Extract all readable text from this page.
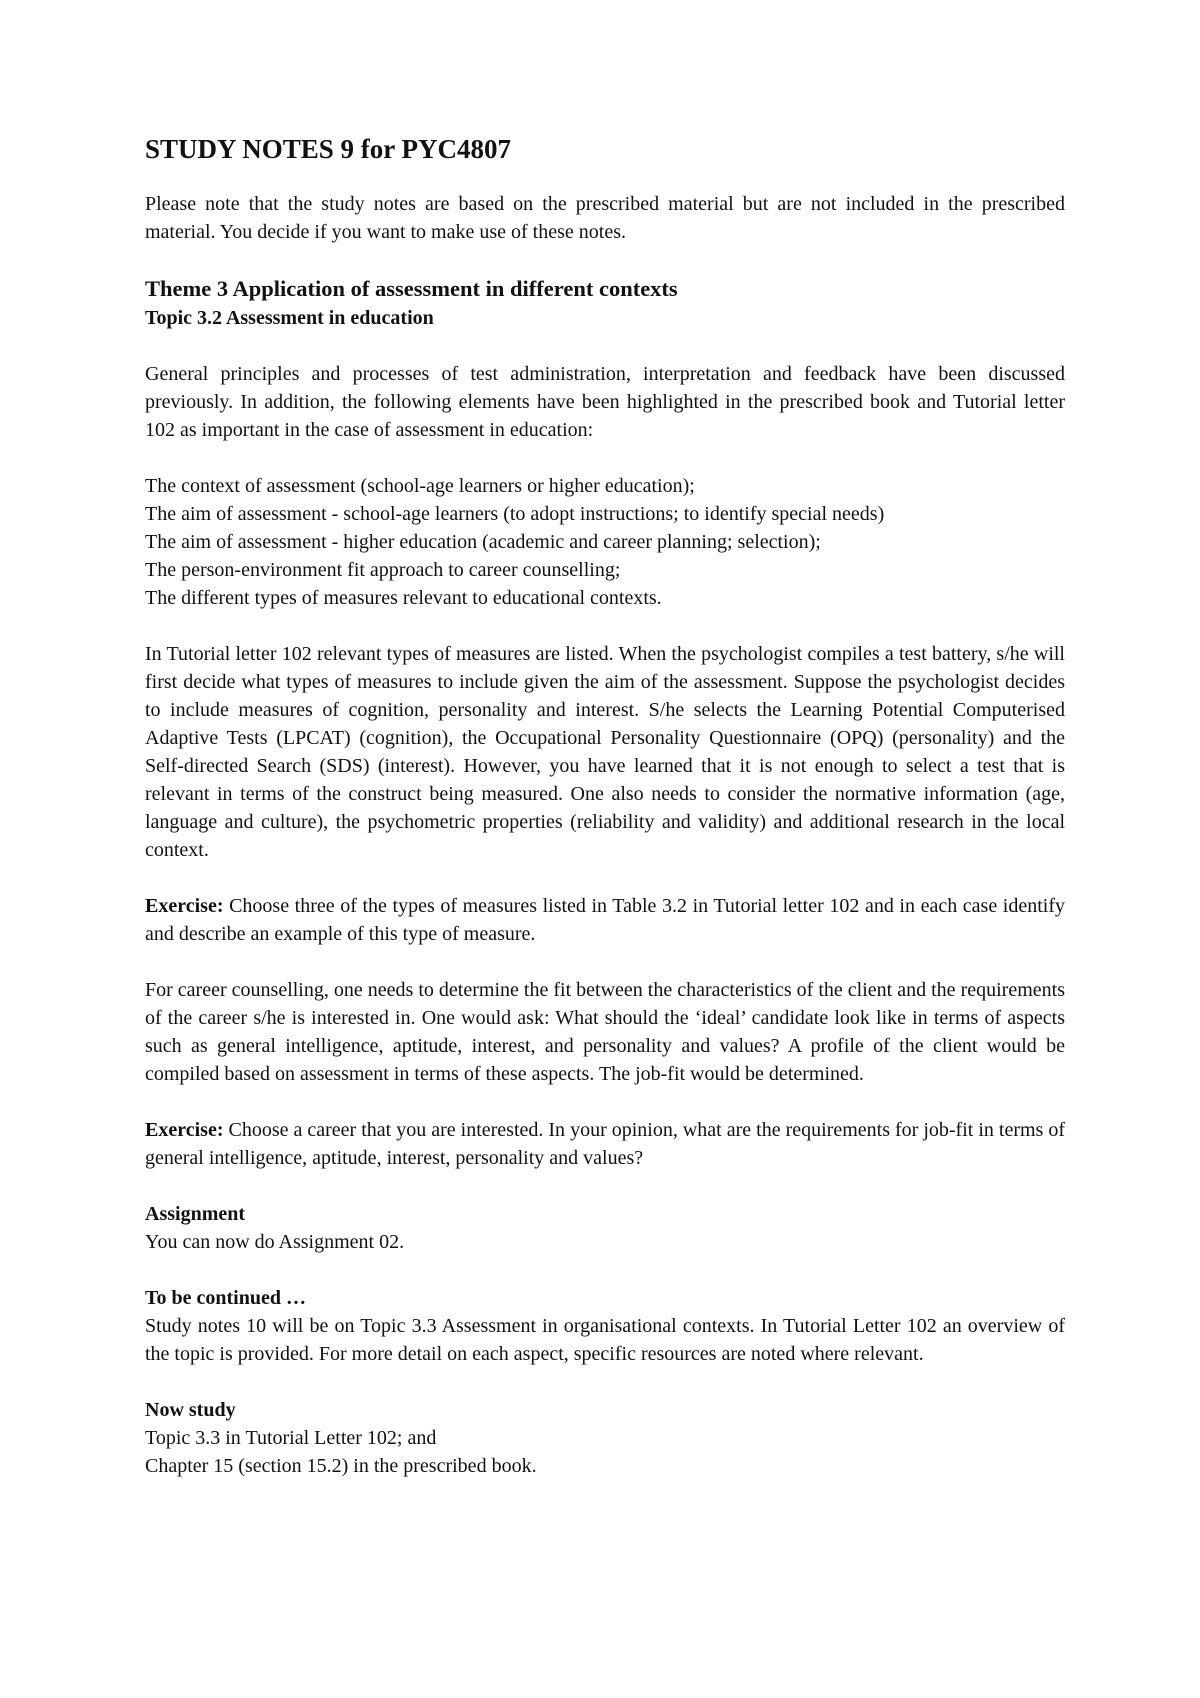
STUDY NOTES 9 for PYC4807

Please note that the study notes are based on the prescribed material but are not included in the prescribed material. You decide if you want to make use of these notes.

Theme 3 Application of assessment in different contexts
Topic 3.2 Assessment in education

General principles and processes of test administration, interpretation and feedback have been discussed previously. In addition, the following elements have been highlighted in the prescribed book and Tutorial letter 102 as important in the case of assessment in education:

The context of assessment (school-age learners or higher education);

The aim of assessment - school-age learners (to adopt instructions; to identify special needs)

The aim of assessment - higher education (academic and career planning; selection);

The person-environment fit approach to career counselling;

The different types of measures relevant to educational contexts.

In Tutorial letter 102 relevant types of measures are listed. When the psychologist compiles a test battery, s/he will first decide what types of measures to include given the aim of the assessment. Suppose the psychologist decides to include measures of cognition, personality and interest. S/he selects the Learning Potential Computerised Adaptive Tests (LPCAT) (cognition), the Occupational Personality Questionnaire (OPQ) (personality) and the Self-directed Search (SDS) (interest). However, you have learned that it is not enough to select a test that is relevant in terms of the construct being measured. One also needs to consider the normative information (age, language and culture), the psychometric properties (reliability and validity) and additional research in the local context.

Exercise: Choose three of the types of measures listed in Table 3.2 in Tutorial letter 102 and in each case identify and describe an example of this type of measure.

For career counselling, one needs to determine the fit between the characteristics of the client and the requirements of the career s/he is interested in. One would ask: What should the ‘ideal’ candidate look like in terms of aspects such as general intelligence, aptitude, interest, and personality and values? A profile of the client would be compiled based on assessment in terms of these aspects. The job-fit would be determined.

Exercise: Choose a career that you are interested. In your opinion, what are the requirements for job-fit in terms of general intelligence, aptitude, interest, personality and values?

Assignment

You can now do Assignment 02.

To be continued …

Study notes 10 will be on Topic 3.3 Assessment in organisational contexts. In Tutorial Letter 102 an overview of the topic is provided. For more detail on each aspect, specific resources are noted where relevant.

Now study

Topic 3.3 in Tutorial Letter 102; and

Chapter 15 (section 15.2) in the prescribed book.
